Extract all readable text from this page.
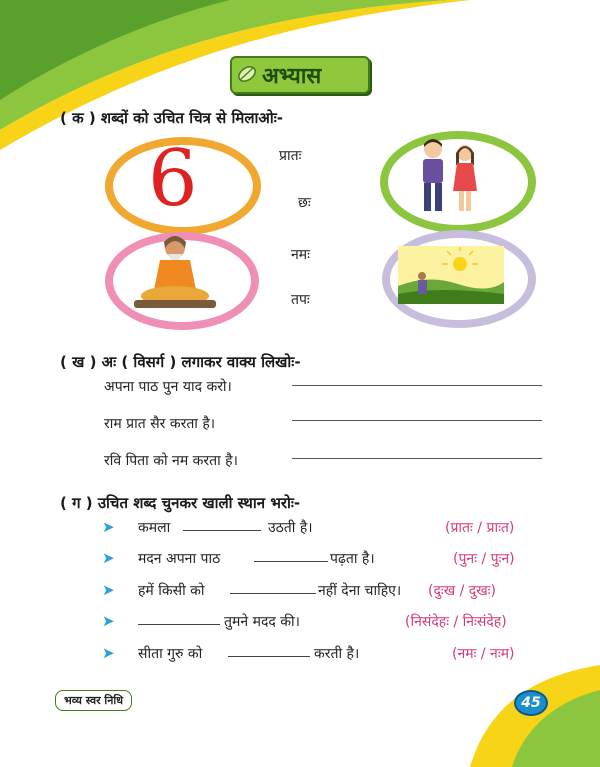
अभ्यास
( क ) शब्दों को उचित चित्र से मिलाओः-
6	प्रातः
छः
नमः
तपः
( ख ) अः ( विसर्ग ) लगाकर वाक्य लिखोः-
अपना पाठ पुन याद करो।
राम प्रात सैर करता है।
रवि पिता को नम करता है।
( ग ) उचित शब्द चुनकर खाली स्थान भरोः-
➤ कमला	उठती है।	(प्रातः / प्राःत)
➤ मदन अपना पाठ	पढ़ता है।	(पुनः / पुःन)
➤ हमें किसी को	नहीं देना चाहिए। (दुःख / दुखः)
➤	तुमने मदद की।	(निसंदेहः / निःसंदेह)
➤ सीता गुरु को	करती है।	(नमः / नःम)
भव्य स्वर निधि	45
